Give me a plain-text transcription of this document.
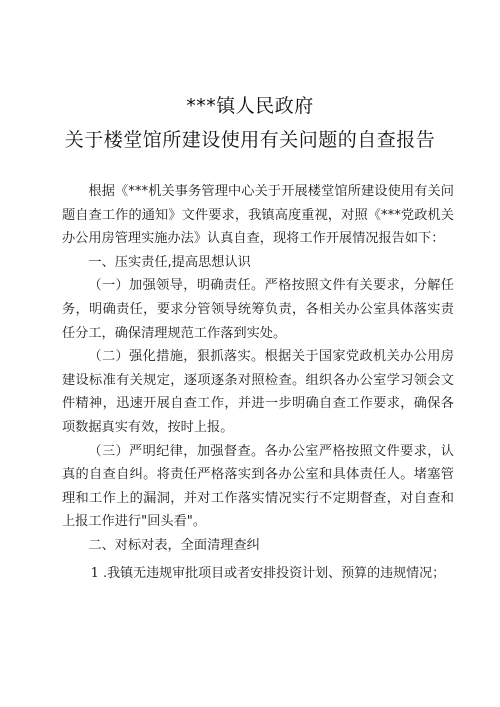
***镇人民政府
关于楼堂馆所建设使用有关问题的自查报告

根据《***机关事务管理中心关于开展楼堂馆所建设使用有关问题自查工作的通知》文件要求，我镇高度重视，对照《***党政机关办公用房管理实施办法》认真自查，现将工作开展情况报告如下：

一、压实责任,提高思想认识

（一）加强领导，明确责任。严格按照文件有关要求，分解任务，明确责任，要求分管领导统筹负责，各相关办公室具体落实责任分工，确保清理规范工作落到实处。

（二）强化措施，狠抓落实。根据关于国家党政机关办公用房建设标准有关规定，逐项逐条对照检查。组织各办公室学习领会文件精神，迅速开展自查工作，并进一步明确自查工作要求，确保各项数据真实有效，按时上报。

（三）严明纪律，加强督查。各办公室严格按照文件要求，认真的自查自纠。将责任严格落实到各办公室和具体责任人。堵塞管理和工作上的漏洞，并对工作落实情况实行不定期督查，对自查和上报工作进行"回头看"。

二、对标对表，全面清理查纠

1 .我镇无违规审批项目或者安排投资计划、预算的违规情况；
